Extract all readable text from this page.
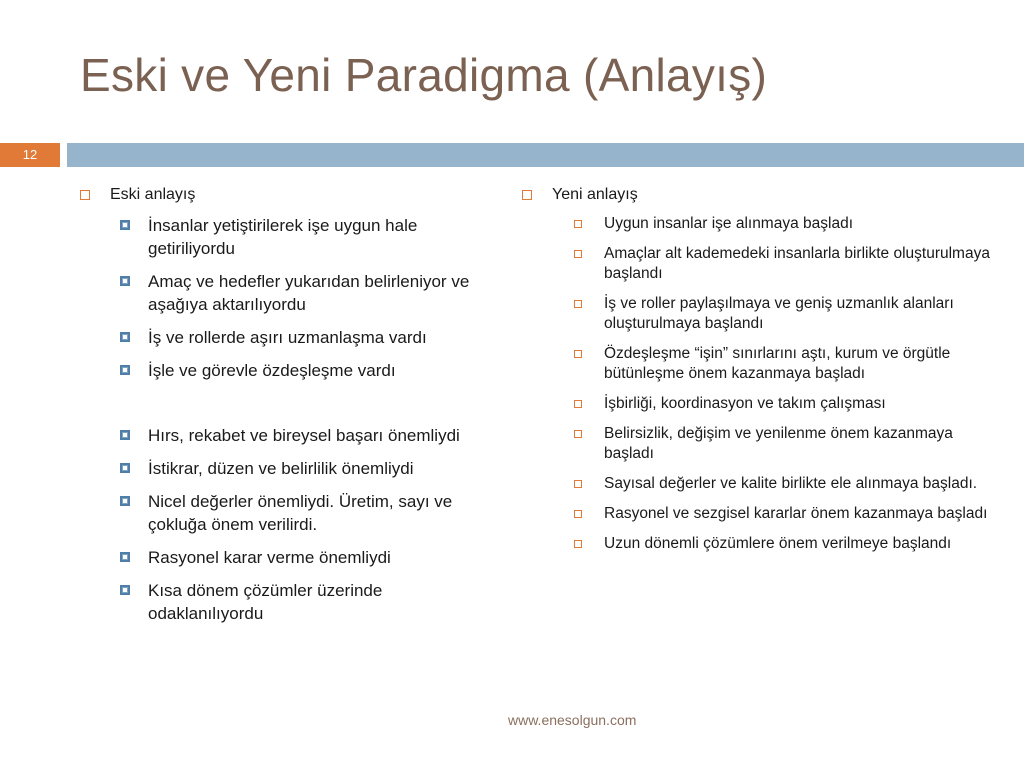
Eski ve Yeni Paradigma (Anlayış)
12
Eski anlayış
İnsanlar yetiştirilerek işe uygun hale getiriliyordu
Amaç ve hedefler yukarıdan belirleniyor ve aşağıya aktarılıyordu
İş ve rollerde aşırı uzmanlaşma vardı
İşle ve görevle özdeşleşme vardı
Hırs, rekabet ve bireysel başarı önemliydi
İstikrar, düzen ve belirlilik önemliydi
Nicel değerler önemliydi. Üretim, sayı ve çokluğa önem verilirdi.
Rasyonel karar verme önemliydi
Kısa dönem çözümler üzerinde odaklanılıyordu
Yeni anlayış
Uygun insanlar işe alınmaya başladı
Amaçlar alt kademedeki insanlarla birlikte oluşturulmaya başlandı
İş ve roller paylaşılmaya ve geniş uzmanlık alanları oluşturulmaya başlandı
Özdeşleşme “işin” sınırlarını aştı, kurum ve örgütle bütünleşme önem kazanmaya başladı
İşbirliği, koordinasyon ve takım çalışması
Belirsizlik, değişim ve yenilenme önem kazanmaya başladı
Sayısal değerler ve kalite birlikte ele alınmaya başladı.
Rasyonel ve sezgisel kararlar önem kazanmaya başladı
Uzun dönemli çözümlere önem verilmeye başlandı
www.enesolgun.com
